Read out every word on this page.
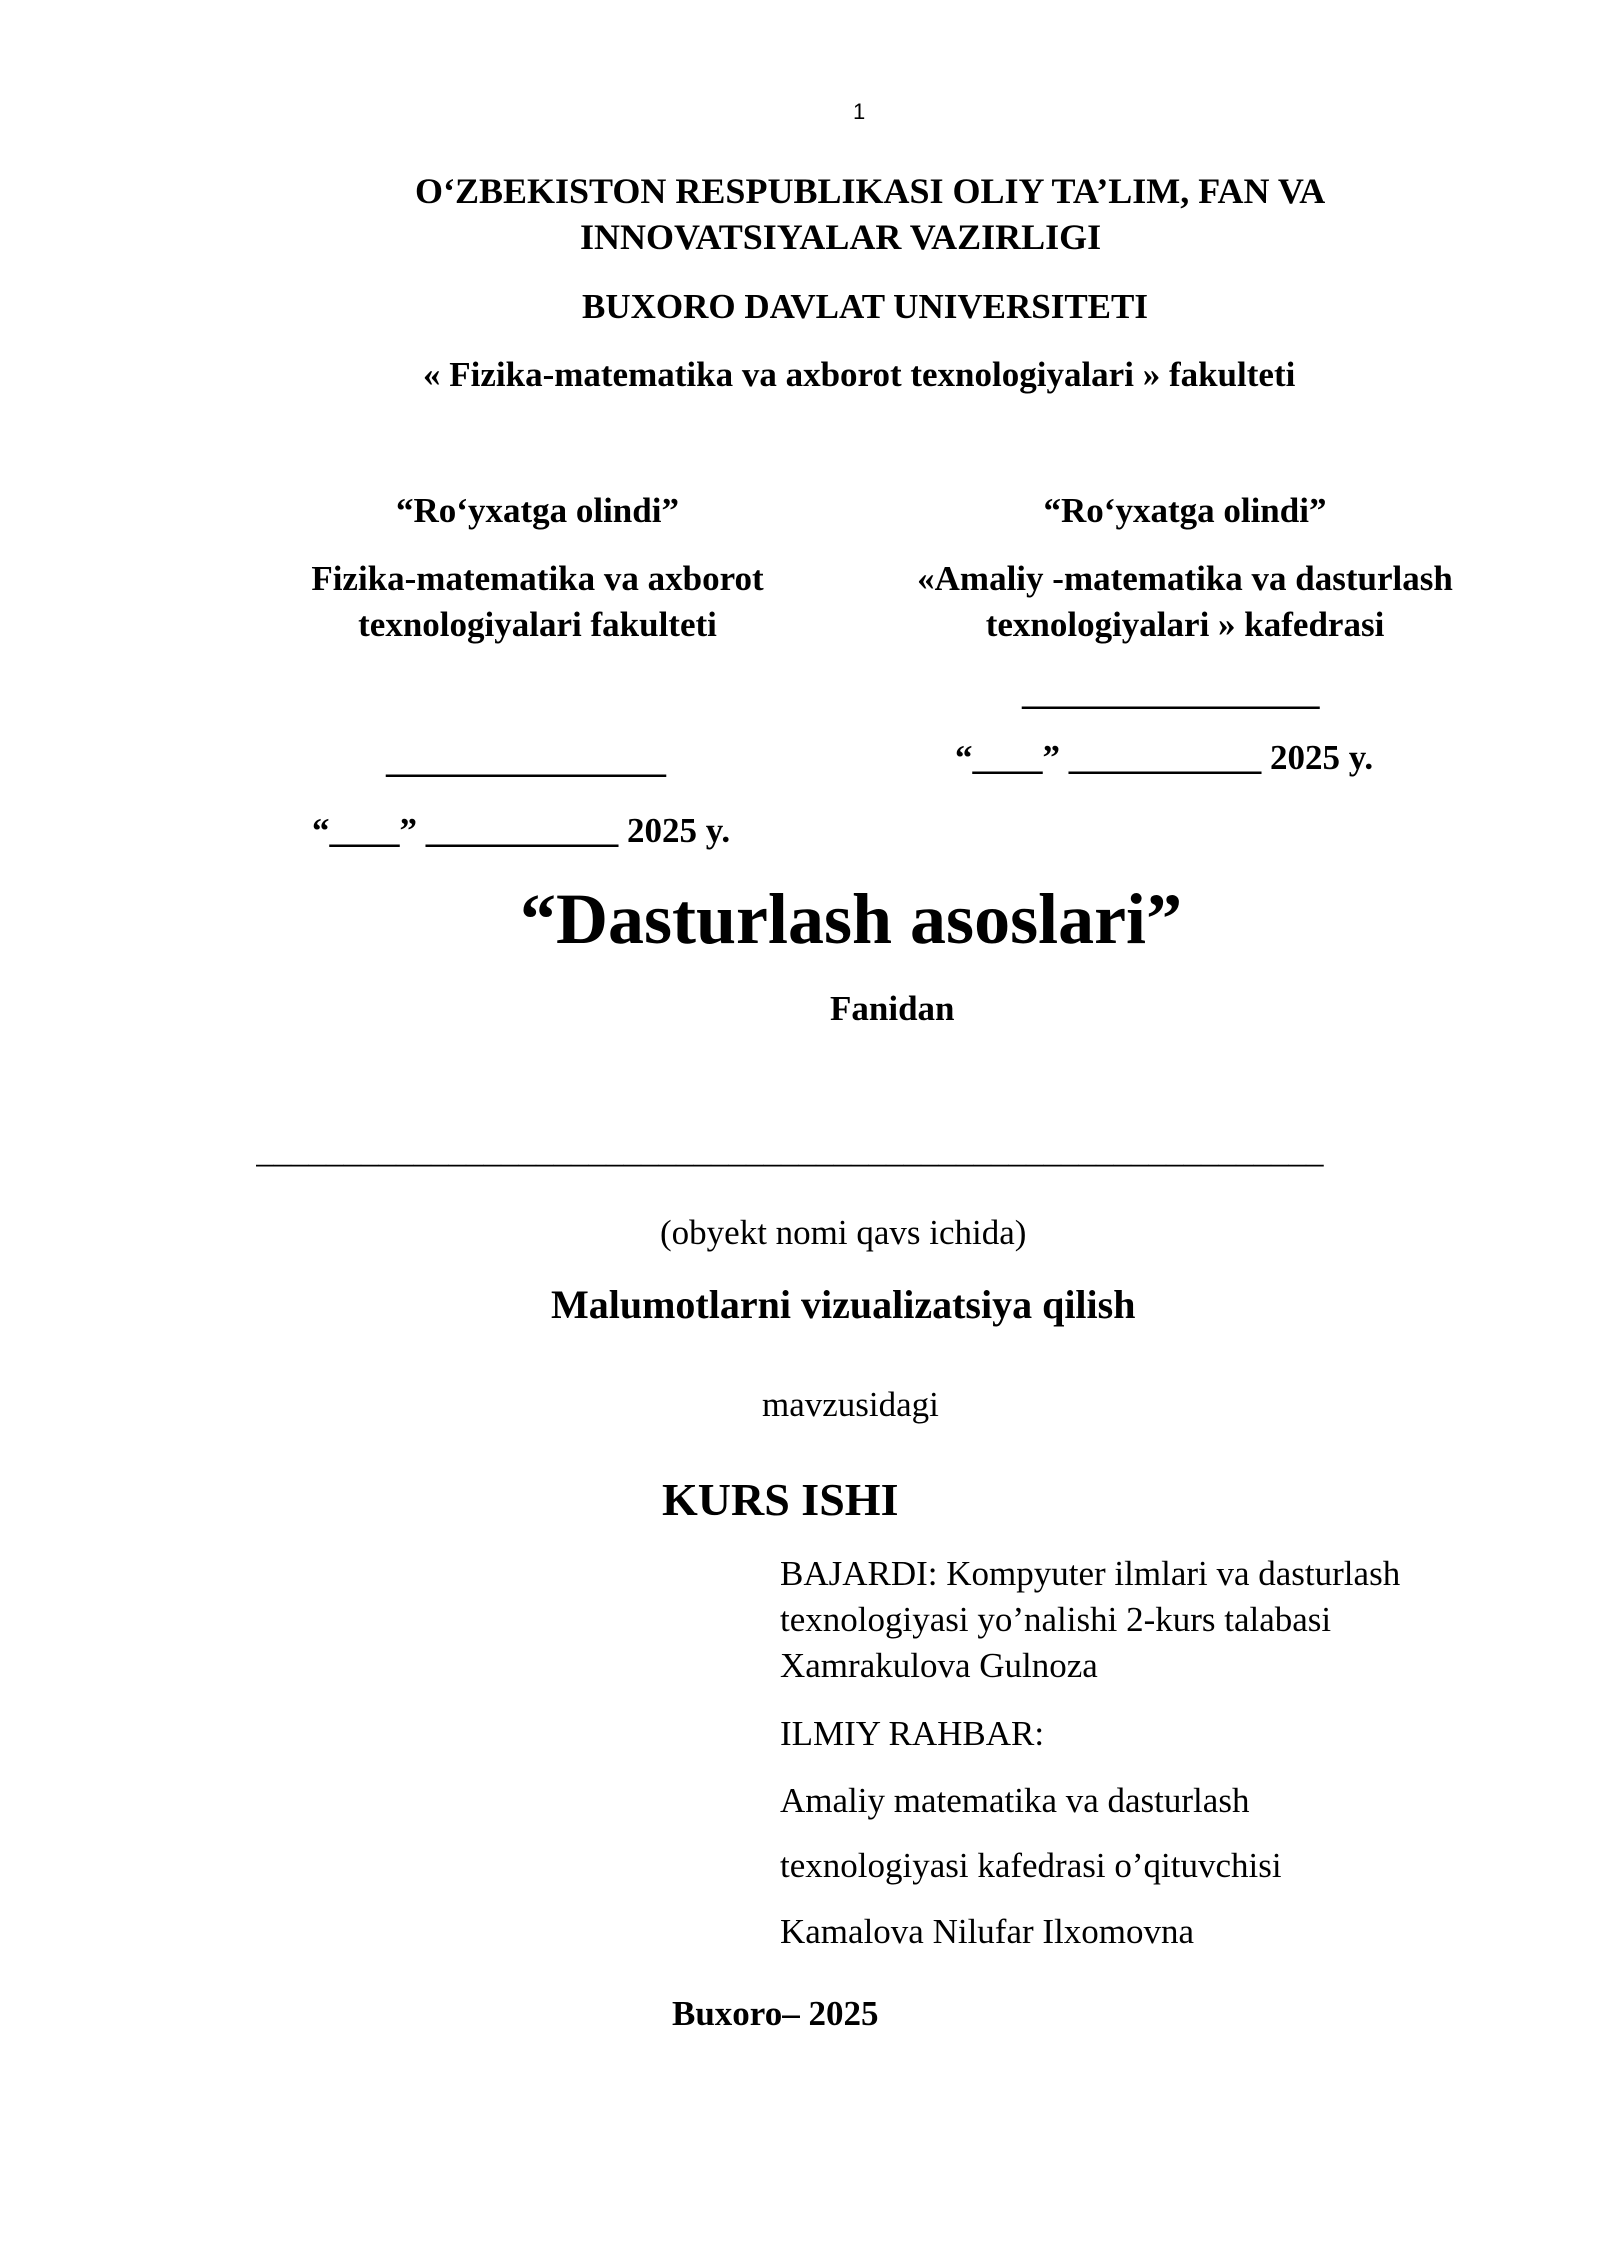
1
O‘ZBEKISTON RESPUBLIKASI OLIY TA’LIM, FAN VA
INNOVATSIYALAR VAZIRLIGI
BUXORO DAVLAT UNIVERSITETI
« Fizika-matematika va axborot texnologiyalari » fakulteti
“Ro‘yxatga olindi”
Fizika-matematika va axborot
texnologiyalari fakulteti
________________
“____” ___________ 2025 y.
“Ro‘yxatga olindi”
«Amaliy -matematika va dasturlash
texnologiyalari » kafedrasi
_________________
“____” ___________ 2025 y.
“Dasturlash asoslari”
Fanidan
_____________________________________________________________
(obyekt nomi qavs ichida)
Malumotlarni vizualizatsiya qilish
mavzusidagi
KURS ISHI
BAJARDI: Kompyuter ilmlari va dasturlash
texnologiyasi yo’nalishi 2-kurs talabasi
Xamrakulova Gulnoza
ILMIY RAHBAR:
Amaliy matematika va dasturlash
texnologiyasi kafedrasi o’qituvchisi
Kamalova Nilufar Ilxomovna
Buxoro– 2025
